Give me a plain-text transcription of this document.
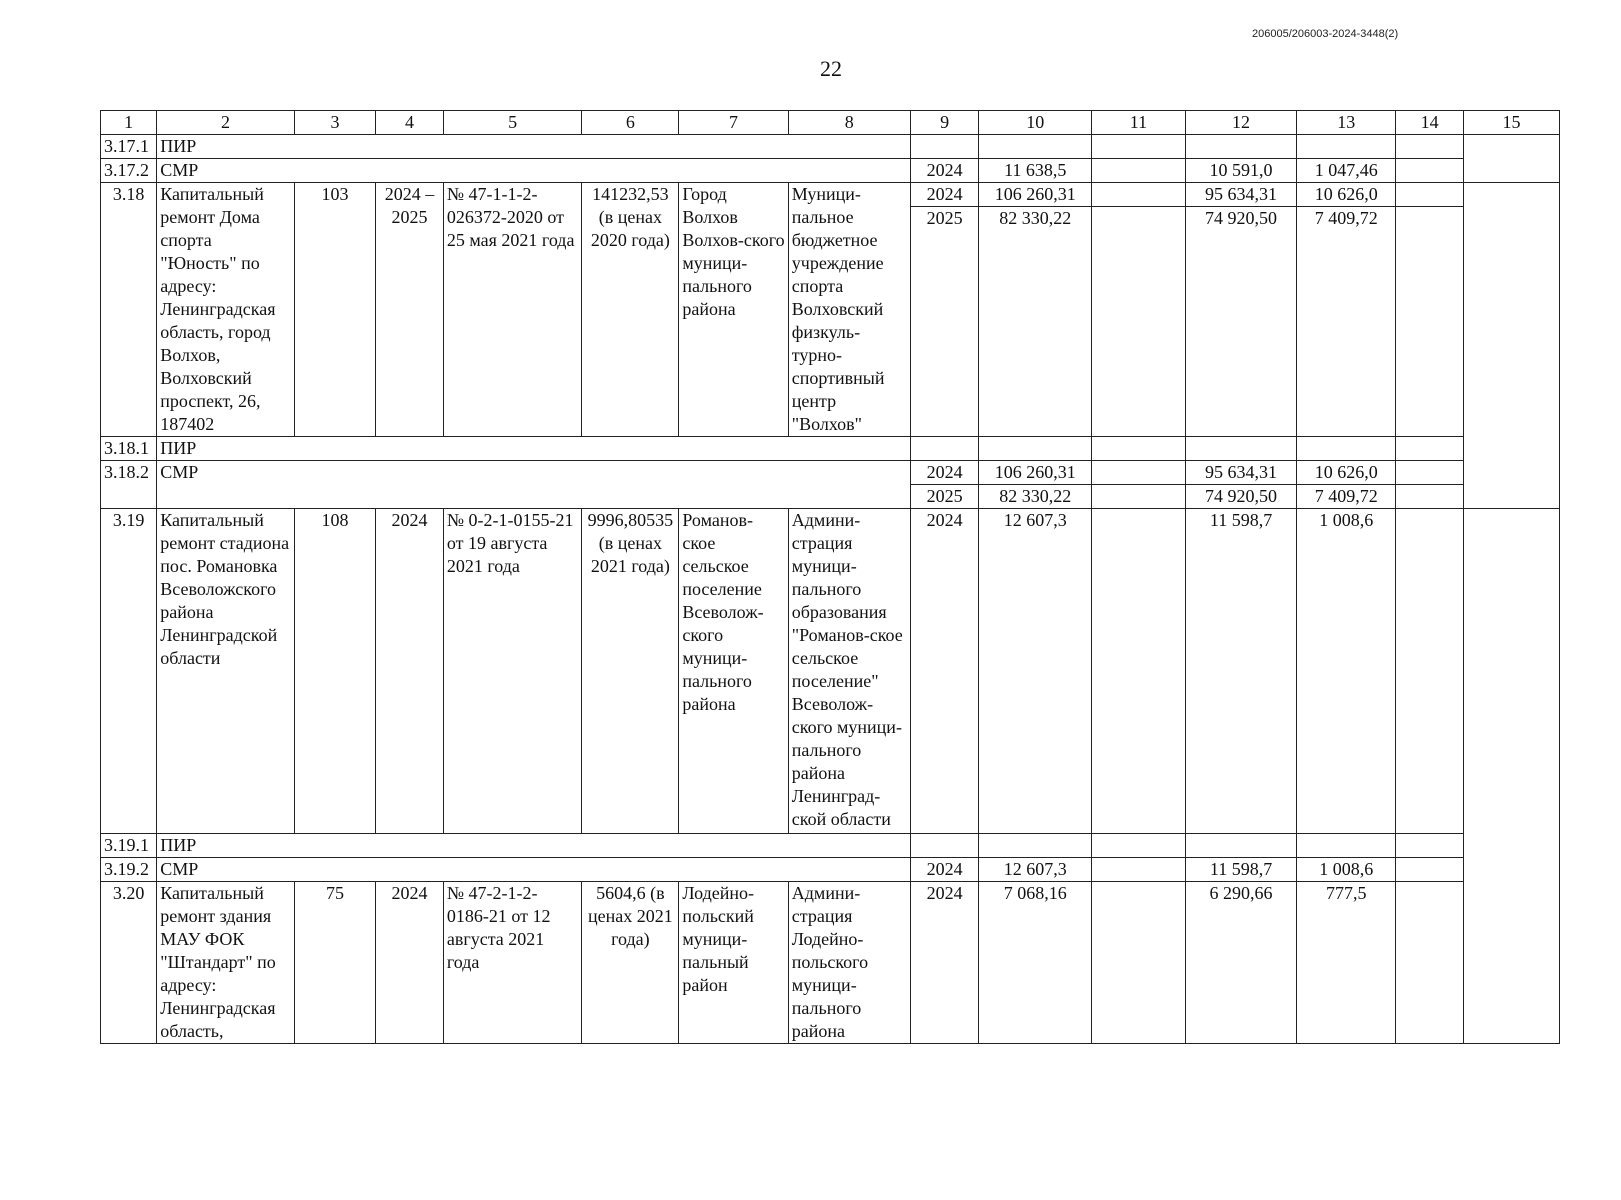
206005/206003-2024-3448(2)
22
1	2	3	4	5	6	7	8	9	10	11	12	13	14	15
3.17.1	ПИР													
3.17.2	СМР							2024	11 638,5		10 591,0	1 047,46		
3.18	Капитальный ремонт Дома спорта "Юность" по адресу: Ленинградская область, город Волхов, Волховский проспект, 26, 187402	103	2024 – 2025	№ 47-1-1-2-026372-2020 от 25 мая 2021 года	141232,53 (в ценах 2020 года)	Город Волхов Волхов-ского муници-пального района	Муници-пальное бюджетное учреждение спорта Волховский физкуль-турно-спортивный центр "Волхов"	2024	106 260,31		95 634,31	10 626,0		
								2025	82 330,22		74 920,50	7 409,72		
3.18.1	ПИР													
3.18.2	СМР							2024	106 260,31		95 634,31	10 626,0		
								2025	82 330,22		74 920,50	7 409,72		
3.19	Капитальный ремонт стадиона пос. Романовка Всеволожского района Ленинградской области	108	2024	№ 0-2-1-0155-21 от 19 августа 2021 года	9996,80535 (в ценах 2021 года)	Романов-ское сельское поселение Всеволож-ского муници-пального района	Админи-страция муници-пального образования "Романов-ское сельское поселение" Всеволож-ского муници-пального района Ленинград-ской области	2024	12 607,3		11 598,7	1 008,6		
3.19.1	ПИР													
3.19.2	СМР							2024	12 607,3		11 598,7	1 008,6		
3.20	Капитальный ремонт здания МАУ ФОК "Штандарт" по адресу: Ленинградская область,	75	2024	№ 47-2-1-2-0186-21 от 12 августа 2021 года	5604,6 (в ценах 2021 года)	Лодейно-польский муници-пальный район	Админи-страция Лодейно-польского муници-пального района	2024	7 068,16		6 290,66	777,5		
